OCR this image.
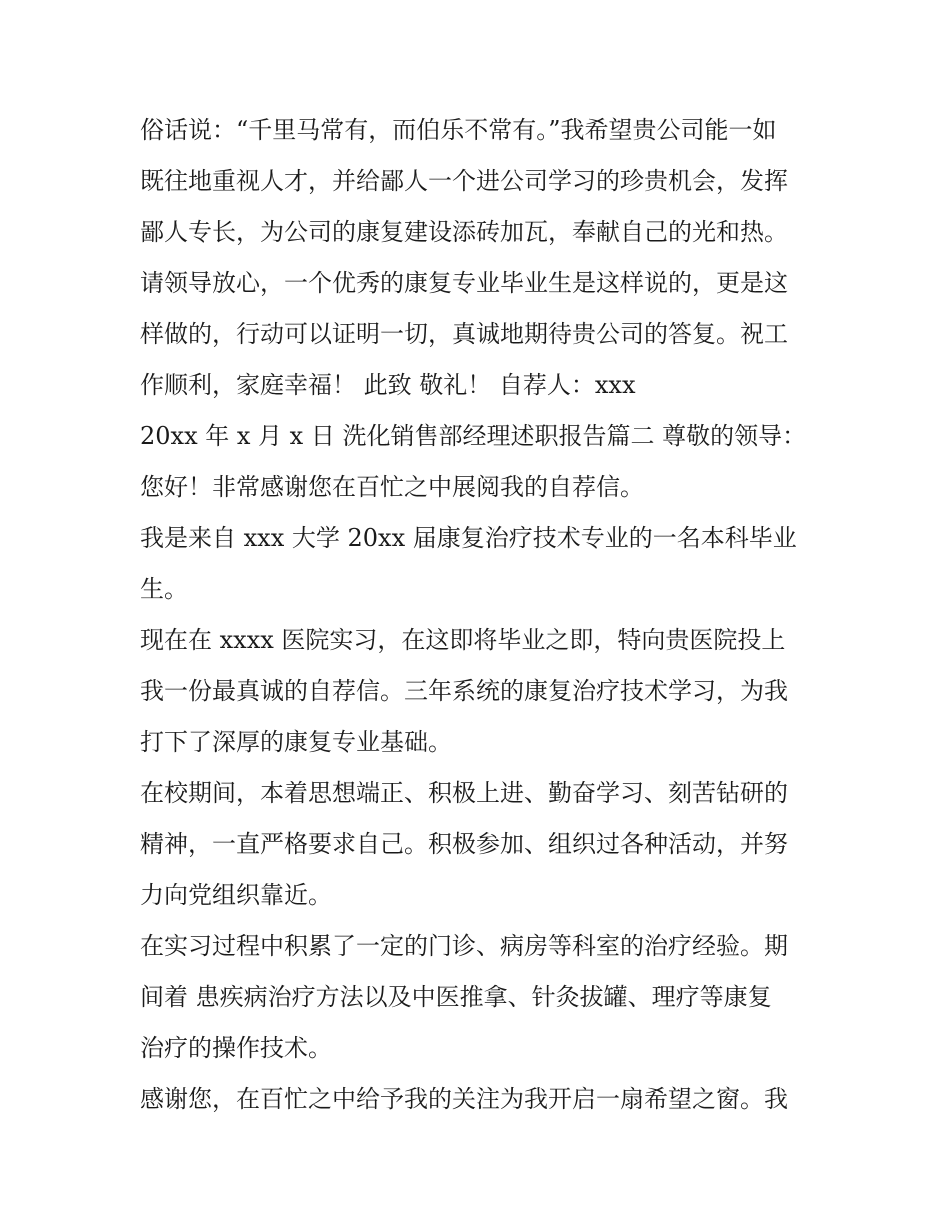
俗话说：“千里马常有，而伯乐不常有。”我希望贵公司能一如
既往地重视人才，并给鄙人一个进公司学习的珍贵机会，发挥
鄙人专长，为公司的康复建设添砖加瓦，奉献自己的光和热。
请领导放心，一个优秀的康复专业毕业生是这样说的，更是这
样做的，行动可以证明一切，真诚地期待贵公司的答复。祝工
作顺利，家庭幸福！ 此致 敬礼！ 自荐人：xxx
20xx 年 x 月 x 日 洗化销售部经理述职报告篇二 尊敬的领导：
您好！非常感谢您在百忙之中展阅我的自荐信。
我是来自 xxx 大学 20xx 届康复治疗技术专业的一名本科毕业
生。
现在在 xxxx 医院实习，在这即将毕业之即，特向贵医院投上
我一份最真诚的自荐信。三年系统的康复治疗技术学习，为我
打下了深厚的康复专业基础。
在校期间，本着思想端正、积极上进、勤奋学习、刻苦钻研的
精神，一直严格要求自己。积极参加、组织过各种活动，并努
力向党组织靠近。
在实习过程中积累了一定的门诊、病房等科室的治疗经验。期
间着 患疾病治疗方法以及中医推拿、针灸拔罐、理疗等康复
治疗的操作技术。
感谢您，在百忙之中给予我的关注为我开启一扇希望之窗。我
